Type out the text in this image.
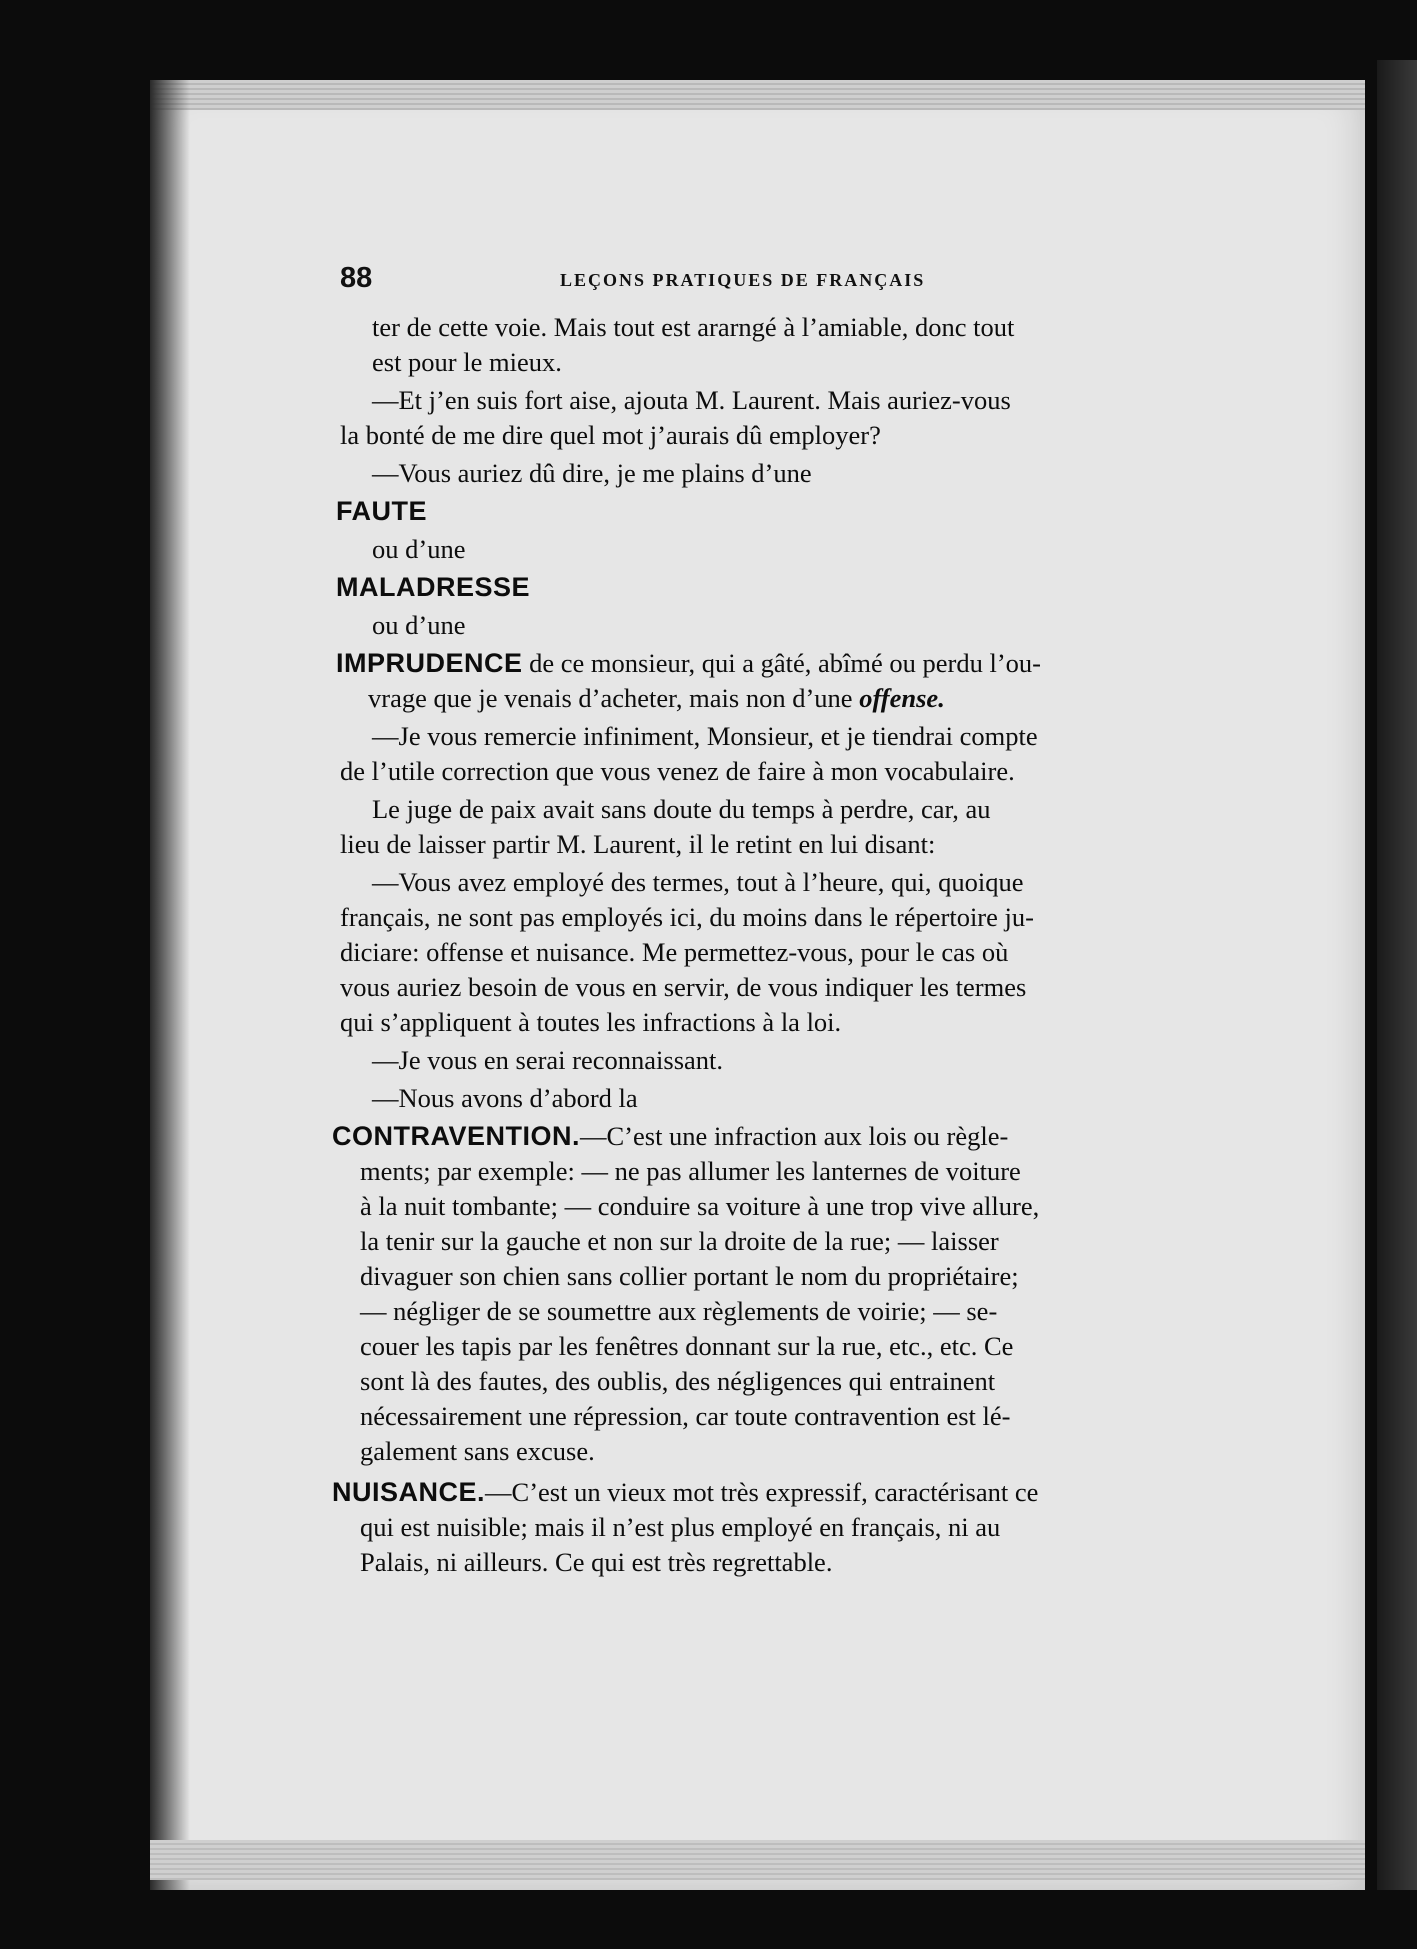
88	LEÇONS PRATIQUES DE FRANÇAIS
ter de cette voie. Mais tout est ararngé à l’amiable, donc tout
est pour le mieux.
—Et j’en suis fort aise, ajouta M. Laurent. Mais auriez-vous
la bonté de me dire quel mot j’aurais dû employer?
—Vous auriez dû dire, je me plains d’une
FAUTE
ou d’une
MALADRESSE
ou d’une
IMPRUDENCE de ce monsieur, qui a gâté, abîmé ou perdu l’ou-
vrage que je venais d’acheter, mais non d’une offense.
—Je vous remercie infiniment, Monsieur, et je tiendrai compte
de l’utile correction que vous venez de faire à mon vocabulaire.
Le juge de paix avait sans doute du temps à perdre, car, au
lieu de laisser partir M. Laurent, il le retint en lui disant:
—Vous avez employé des termes, tout à l’heure, qui, quoique
français, ne sont pas employés ici, du moins dans le répertoire ju-
diciare: offense et nuisance. Me permettez-vous, pour le cas où
vous auriez besoin de vous en servir, de vous indiquer les termes
qui s’appliquent à toutes les infractions à la loi.
—Je vous en serai reconnaissant.
—Nous avons d’abord la
CONTRAVENTION.—C’est une infraction aux lois ou règle-
ments; par exemple: — ne pas allumer les lanternes de voiture
à la nuit tombante; — conduire sa voiture à une trop vive allure,
la tenir sur la gauche et non sur la droite de la rue; — laisser
divaguer son chien sans collier portant le nom du propriétaire;
— négliger de se soumettre aux règlements de voirie; — se-
couer les tapis par les fenêtres donnant sur la rue, etc., etc. Ce
sont là des fautes, des oublis, des négligences qui entrainent
nécessairement une répression, car toute contravention est lé-
galement sans excuse.
NUISANCE.—C’est un vieux mot très expressif, caractérisant ce
qui est nuisible; mais il n’est plus employé en français, ni au
Palais, ni ailleurs. Ce qui est très regrettable.
